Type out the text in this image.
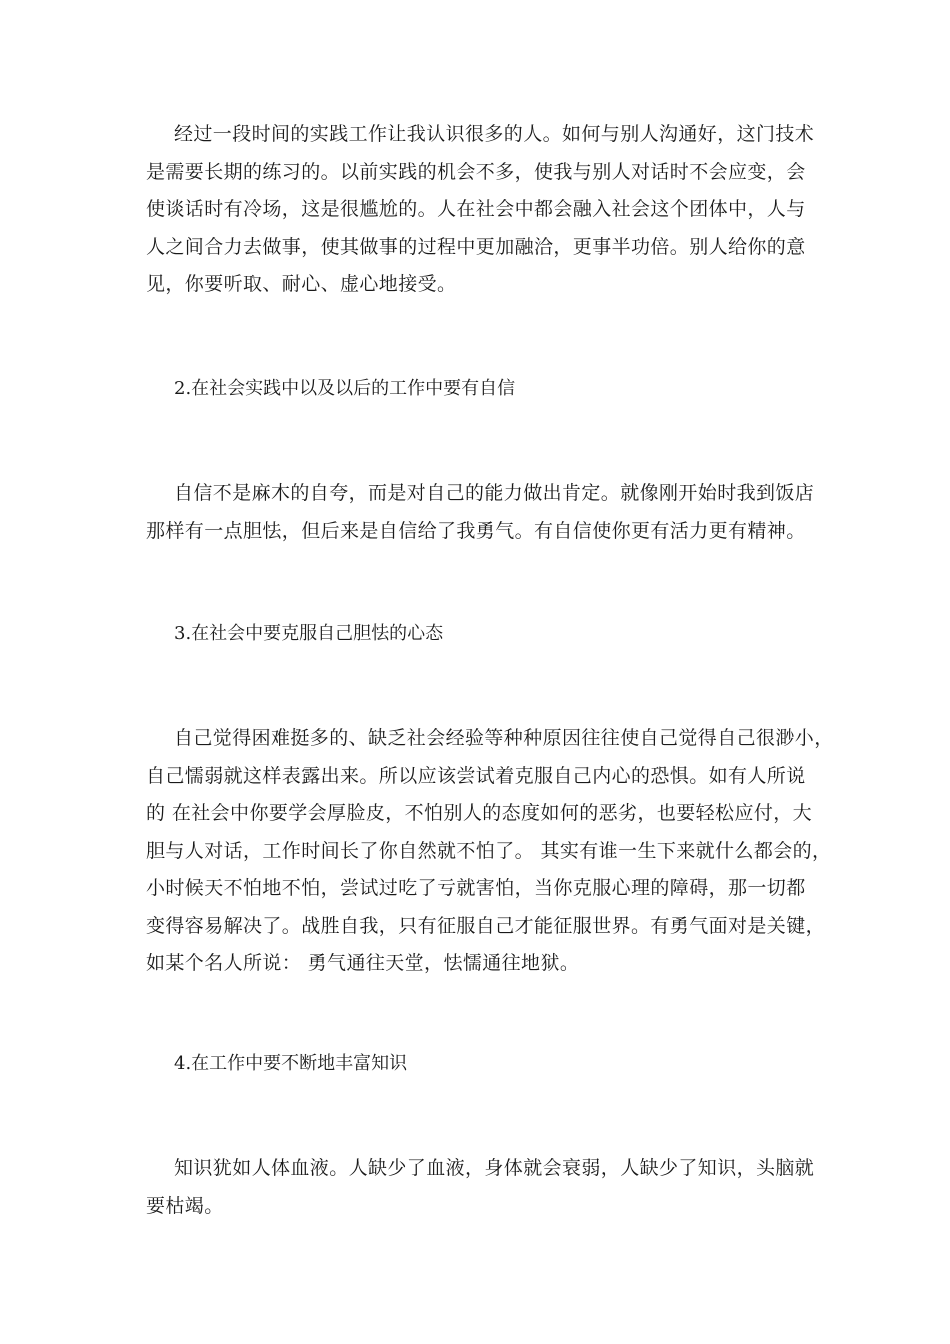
经过一段时间的实践工作让我认识很多的人。如何与别人沟通好，这门技术
是需要长期的练习的。以前实践的机会不多，使我与别人对话时不会应变，会
使谈话时有冷场，这是很尴尬的。人在社会中都会融入社会这个团体中，人与
人之间合力去做事，使其做事的过程中更加融洽，更事半功倍。别人给你的意
见，你要听取、耐心、虚心地接受。

2.在社会实践中以及以后的工作中要有自信

自信不是麻木的自夸，而是对自己的能力做出肯定。就像刚开始时我到饭店
那样有一点胆怯，但后来是自信给了我勇气。有自信使你更有活力更有精神。

3.在社会中要克服自己胆怯的心态

自己觉得困难挺多的、缺乏社会经验等种种原因往往使自己觉得自己很渺小，
自己懦弱就这样表露出来。所以应该尝试着克服自己内心的恐惧。如有人所说
的 在社会中你要学会厚脸皮，不怕别人的态度如何的恶劣，也要轻松应付，大
胆与人对话，工作时间长了你自然就不怕了。 其实有谁一生下来就什么都会的，
小时候天不怕地不怕，尝试过吃了亏就害怕，当你克服心理的障碍，那一切都
变得容易解决了。战胜自我，只有征服自己才能征服世界。有勇气面对是关键，
如某个名人所说： 勇气通往天堂，怯懦通往地狱。

4.在工作中要不断地丰富知识

知识犹如人体血液。人缺少了血液，身体就会衰弱，人缺少了知识，头脑就
要枯竭。
